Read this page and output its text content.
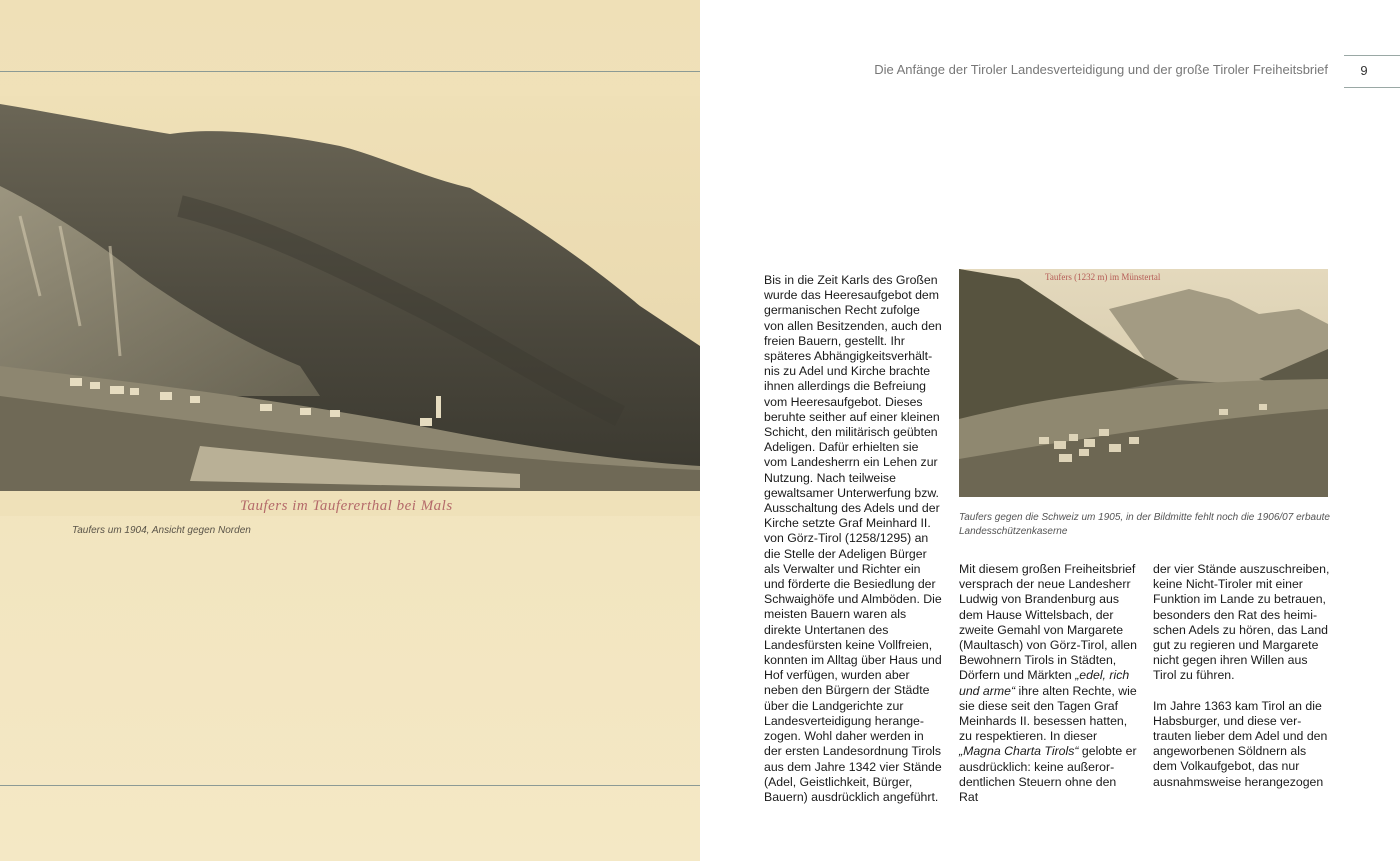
Taufers im Taufererthal bei Mals
Taufers um 1904, Ansicht gegen Norden
Die Anfänge der Tiroler Landesverteidigung und der große Tiroler Freiheitsbrief	9

Bis in die Zeit Karls des Großen wurde das Heeresaufgebot dem germanischen Recht zufolge von allen Besitzenden, auch den freien Bauern, gestellt. Ihr späteres Abhängigkeitsverhältnis zu Adel und Kirche brachte ihnen allerdings die Befreiung vom Heeresaufgebot. Dieses beruhte seither auf einer kleinen Schicht, den militärisch geübten Adeligen. Dafür erhielten sie vom Landesherrn ein Lehen zur Nutzung. Nach teilweise gewaltsamer Unterwerfung bzw. Ausschaltung des Adels und der Kirche setzte Graf Meinhard II. von Görz-Tirol (1258/1295) an die Stelle der Adeligen Bürger als Verwalter und Richter ein und förderte die Besiedlung der Schwaighöfe und Almböden. Die meisten Bauern waren als direkte Untertanen des Landesfürsten keine Vollfreien, konnten im Alltag über Haus und Hof verfügen, wurden aber neben den Bürgern der Städte über die Landgerichte zur Landesverteidigung herangezogen. Wohl daher werden in der ersten Landesordnung Tirols aus dem Jahre 1342 vier Stände (Adel, Geistlichkeit, Bürger, Bauern) ausdrücklich angeführt.

Taufers (1232 m) im Münstertal
Taufers gegen die Schweiz um 1905, in der Bildmitte fehlt noch die 1906/07 erbaute Landesschützenkaserne

Mit diesem großen Freiheitsbrief versprach der neue Landesherr Ludwig von Brandenburg aus dem Hause Wittelsbach, der zweite Gemahl von Margarete (Maultasch) von Görz-Tirol, allen Bewohnern Tirols in Städten, Dörfern und Märkten „edel, rich und arme“ ihre alten Rechte, wie sie diese seit den Tagen Graf Meinhards II. besessen hatten, zu respektieren. In dieser „Magna Charta Tirols“ gelobte er ausdrücklich: keine außerordentlichen Steuern ohne den Rat

der vier Stände auszuschreiben, keine Nicht-Tiroler mit einer Funktion im Lande zu betrauen, besonders den Rat des heimischen Adels zu hören, das Land gut zu regieren und Margarete nicht gegen ihren Willen aus Tirol zu führen.

Im Jahre 1363 kam Tirol an die Habsburger, und diese vertrauten lieber dem Adel und den angeworbenen Söldnern als dem Volkaufgebot, das nur ausnahmsweise herangezogen
